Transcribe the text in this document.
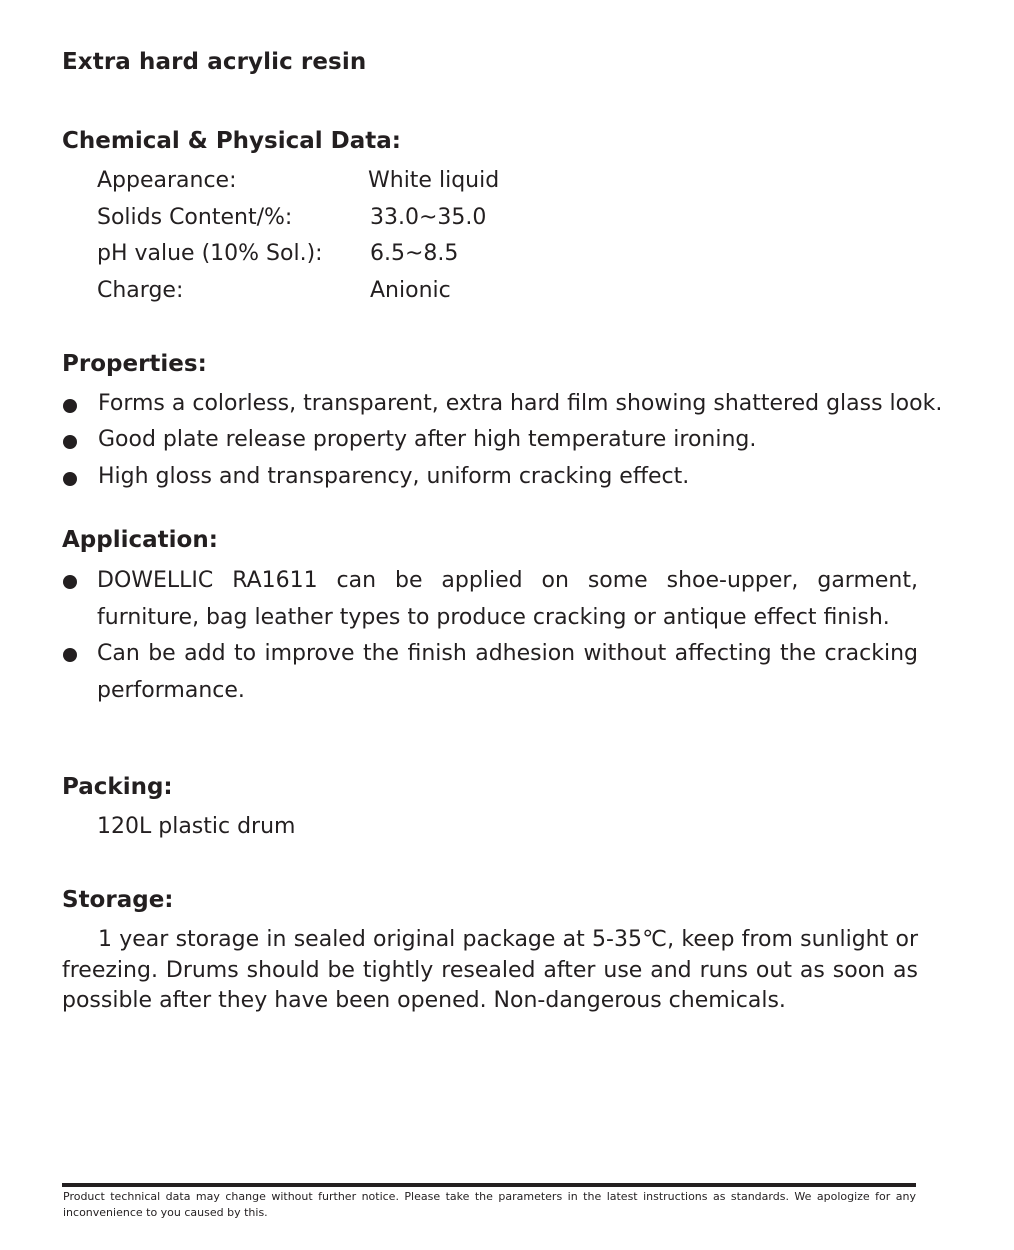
Extra hard acrylic resin
Chemical & Physical Data:
Appearance:	White liquid
Solids Content/%:	33.0~35.0
pH value (10% Sol.): 6.5~8.5
Charge:	Anionic
Properties:
Forms a colorless, transparent, extra hard film showing shattered glass look.
Good plate release property after high temperature ironing.
High gloss and transparency, uniform cracking effect.
Application:
DOWELLIC RA1611 can be applied on some shoe-upper, garment, furniture, bag leather types to produce cracking or antique effect finish.
Can be add to improve the finish adhesion without affecting the cracking performance.
Packing:
120L plastic drum
Storage:
1 year storage in sealed original package at 5-35℃, keep from sunlight or freezing. Drums should be tightly resealed after use and runs out as soon as possible after they have been opened. Non-dangerous chemicals.
Product technical data may change without further notice. Please take the parameters in the latest instructions as standards. We apologize for any inconvenience to you caused by this.
